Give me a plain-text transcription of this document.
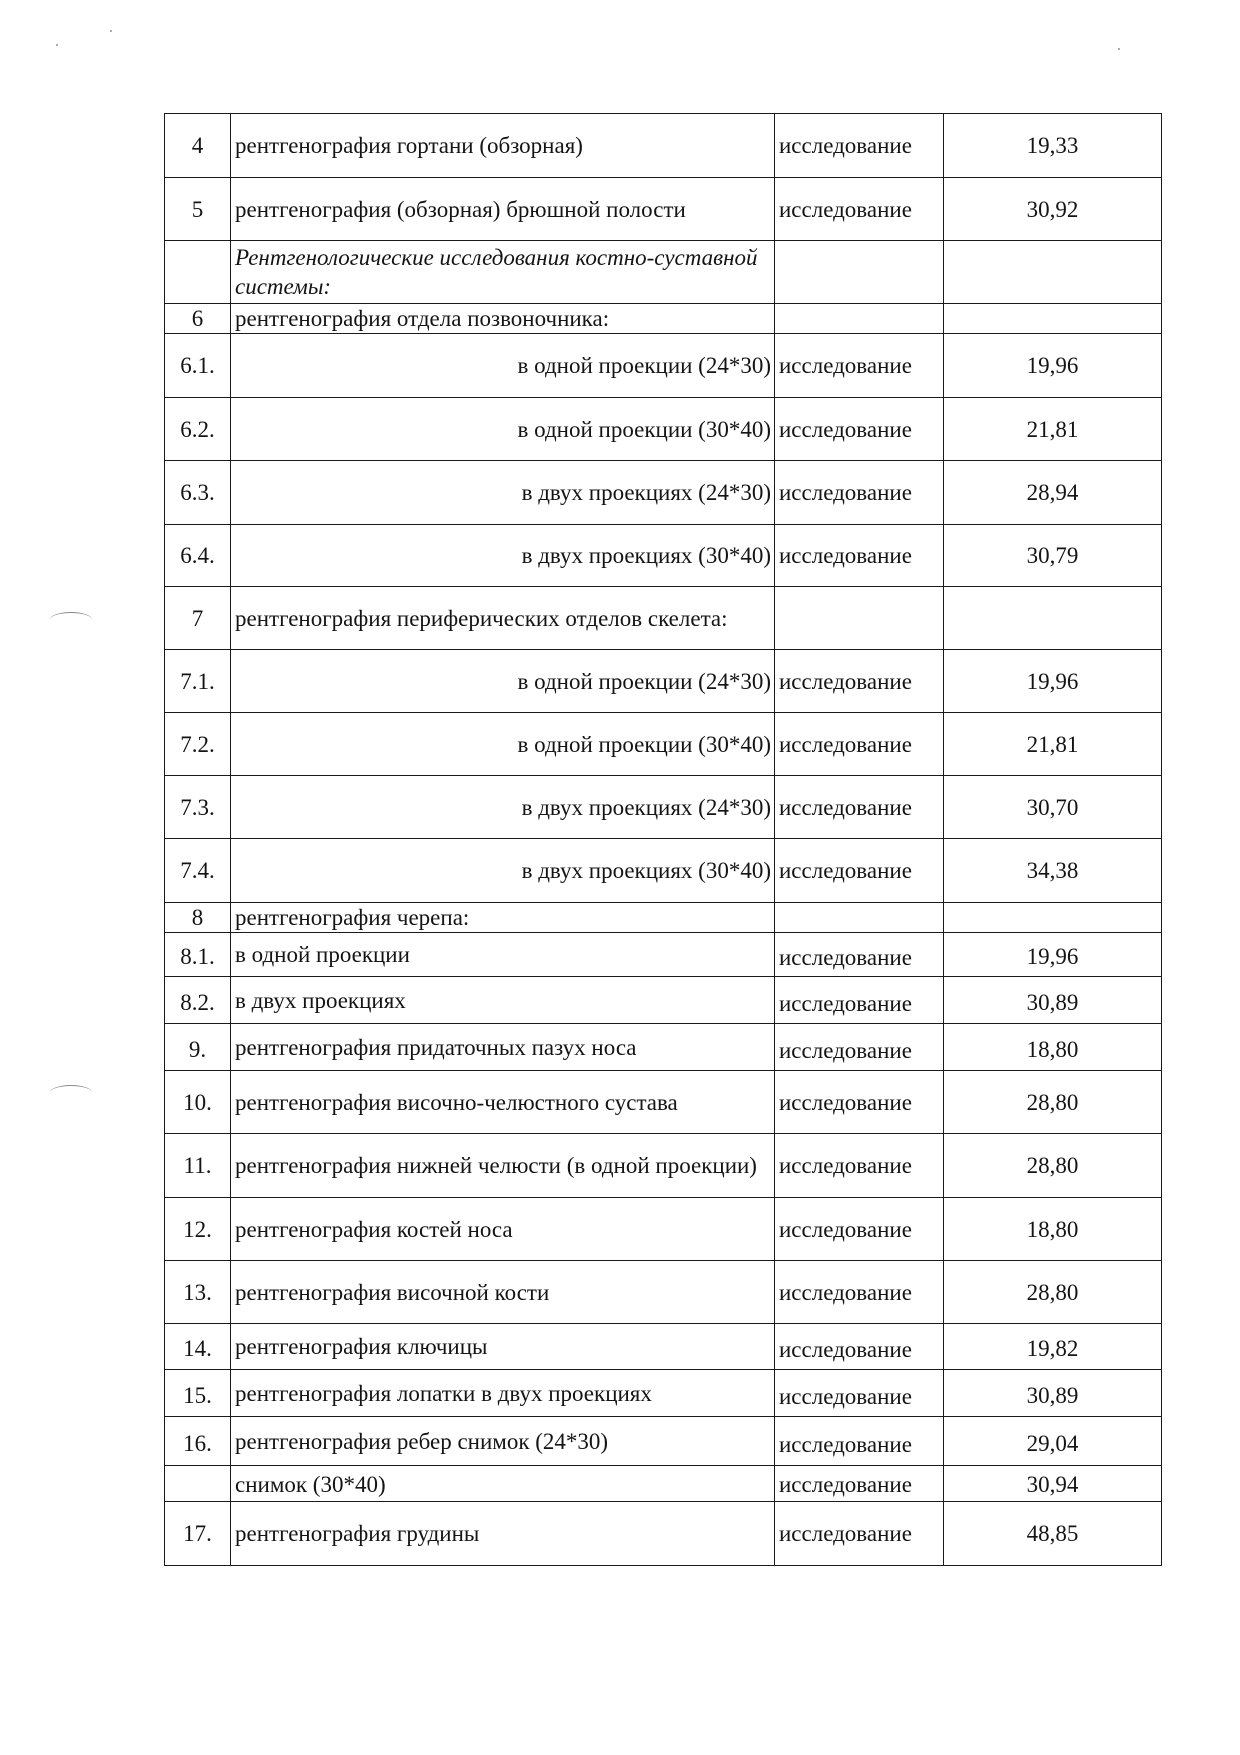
4	рентгенография гортани (обзорная)	исследование	19,33
5	рентгенография (обзорная) брюшной полости	исследование	30,92
	Рентгенологические исследования костно-суставной системы:		
6	рентгенография отдела позвоночника:		
6.1.	в одной проекции (24*30)	исследование	19,96
6.2.	в одной проекции (30*40)	исследование	21,81
6.3.	в двух проекциях (24*30)	исследование	28,94
6.4.	в двух проекциях (30*40)	исследование	30,79
7	рентгенография периферических отделов скелета:		
7.1.	в одной проекции (24*30)	исследование	19,96
7.2.	в одной проекции (30*40)	исследование	21,81
7.3.	в двух проекциях (24*30)	исследование	30,70
7.4.	в двух проекциях (30*40)	исследование	34,38
8	рентгенография черепа:		
8.1.	в одной проекции	исследование	19,96
8.2.	в двух проекциях	исследование	30,89
9.	рентгенография придаточных пазух носа	исследование	18,80
10.	рентгенография височно-челюстного сустава	исследование	28,80
11.	рентгенография нижней челюсти (в одной проекции)	исследование	28,80
12.	рентгенография костей носа	исследование	18,80
13.	рентгенография височной кости	исследование	28,80
14.	рентгенография ключицы	исследование	19,82
15.	рентгенография лопатки в двух проекциях	исследование	30,89
16.	рентгенография ребер снимок (24*30)	исследование	29,04
	снимок (30*40)	исследование	30,94
17.	рентгенография грудины	исследование	48,85
